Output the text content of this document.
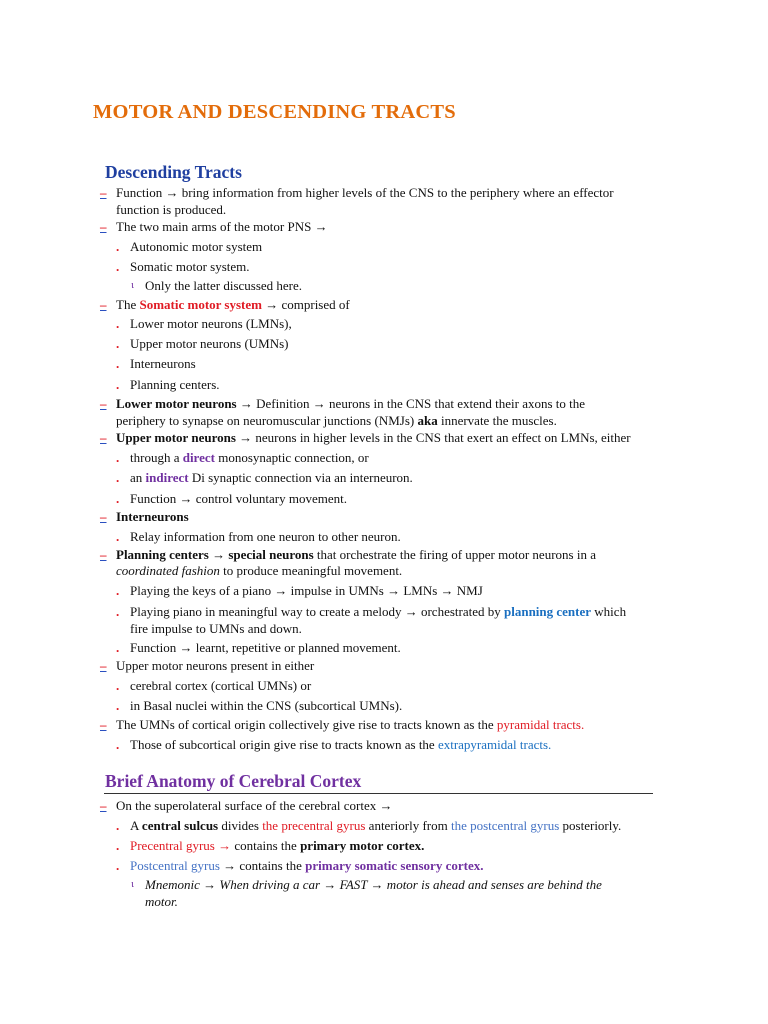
MOTOR AND DESCENDING TRACTS
Descending Tracts
– Function → bring information from higher levels of the CNS to the periphery where an effector
function is produced.
– The two main arms of the motor PNS →
. Autonomic motor system
. Somatic motor system.
ι Only the latter discussed here.
– The Somatic motor system → comprised of
. Lower motor neurons (LMNs),
. Upper motor neurons (UMNs)
. Interneurons
. Planning centers.
– Lower motor neurons → Definition → neurons in the CNS that extend their axons to the
periphery to synapse on neuromuscular junctions (NMJs) aka innervate the muscles.
– Upper motor neurons → neurons in higher levels in the CNS that exert an effect on LMNs, either
. through a direct monosynaptic connection, or
. an indirect Di synaptic connection via an interneuron.
. Function → control voluntary movement.
– Interneurons
. Relay information from one neuron to other neuron.
– Planning centers → special neurons that orchestrate the firing of upper motor neurons in a
coordinated fashion to produce meaningful movement.
. Playing the keys of a piano → impulse in UMNs → LMNs → NMJ
. Playing piano in meaningful way to create a melody → orchestrated by planning center which
fire impulse to UMNs and down.
. Function → learnt, repetitive or planned movement.
– Upper motor neurons present in either
. cerebral cortex (cortical UMNs) or
. in Basal nuclei within the CNS (subcortical UMNs).
– The UMNs of cortical origin collectively give rise to tracts known as the pyramidal tracts.
. Those of subcortical origin give rise to tracts known as the extrapyramidal tracts.
Brief Anatomy of Cerebral Cortex
– On the superolateral surface of the cerebral cortex →
. A central sulcus divides the precentral gyrus anteriorly from the postcentral gyrus posteriorly.
. Precentral gyrus → contains the primary motor cortex.
. Postcentral gyrus → contains the primary somatic sensory cortex.
ι Mnemonic → When driving a car → FAST → motor is ahead and senses are behind the
motor.
